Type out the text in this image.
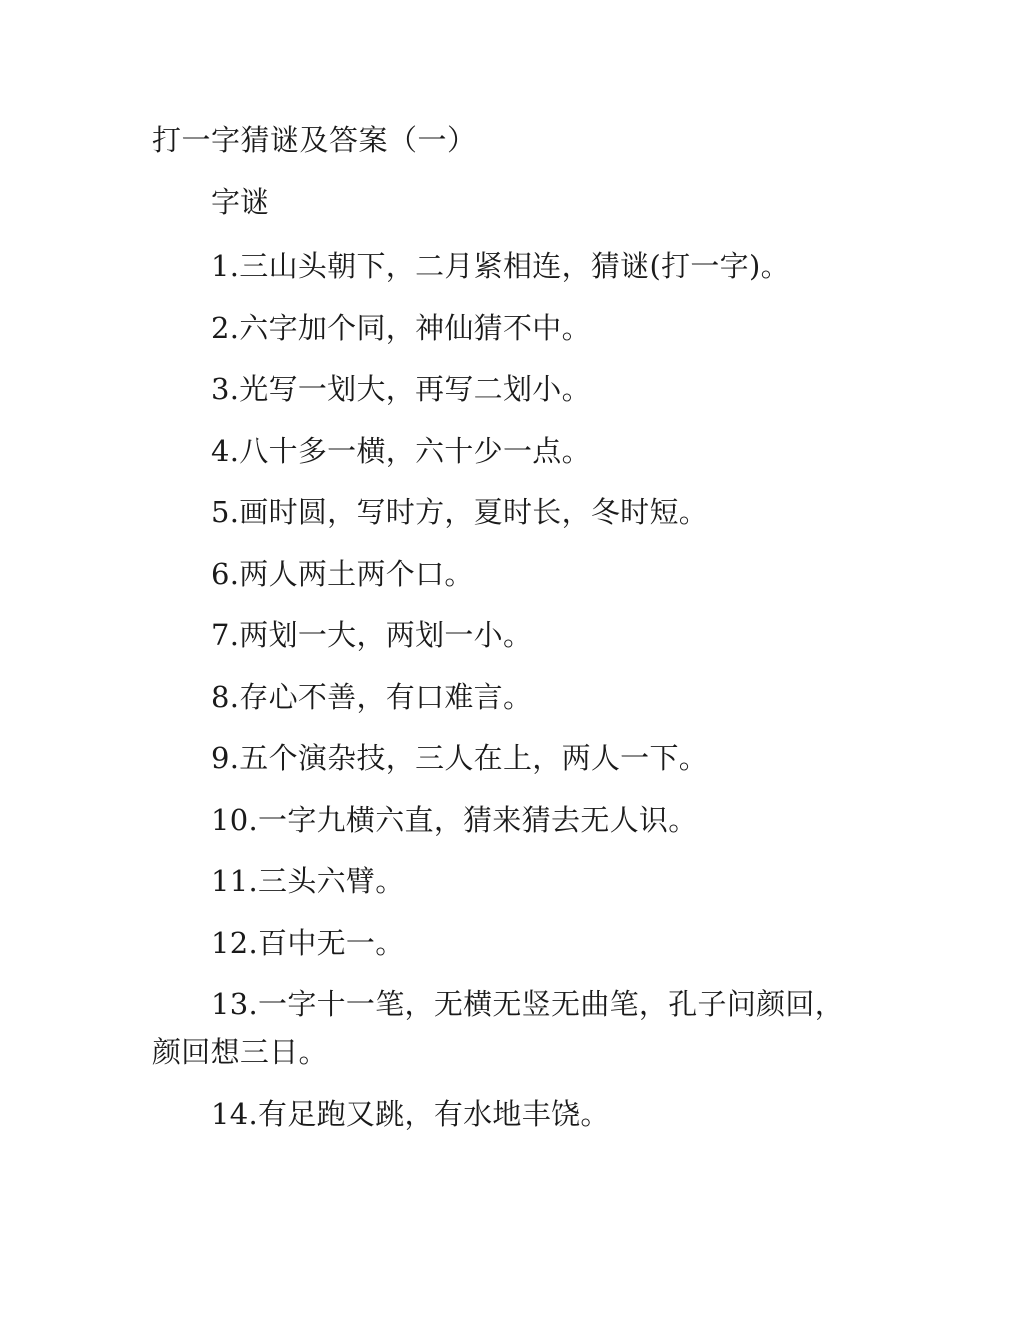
打一字猜谜及答案（一）
字谜
1.三山头朝下，二月紧相连，猜谜(打一字)。
2.六字加个同，神仙猜不中。
3.光写一划大，再写二划小。
4.八十多一横，六十少一点。
5.画时圆，写时方，夏时长，冬时短。
6.两人两土两个口。
7.两划一大，两划一小。
8.存心不善，有口难言。
9.五个演杂技，三人在上，两人一下。
10.一字九横六直，猜来猜去无人识。
11.三头六臂。
12.百中无一。
13.一字十一笔，无横无竖无曲笔，孔子问颜回，颜回想三日。
14.有足跑又跳，有水地丰饶。
